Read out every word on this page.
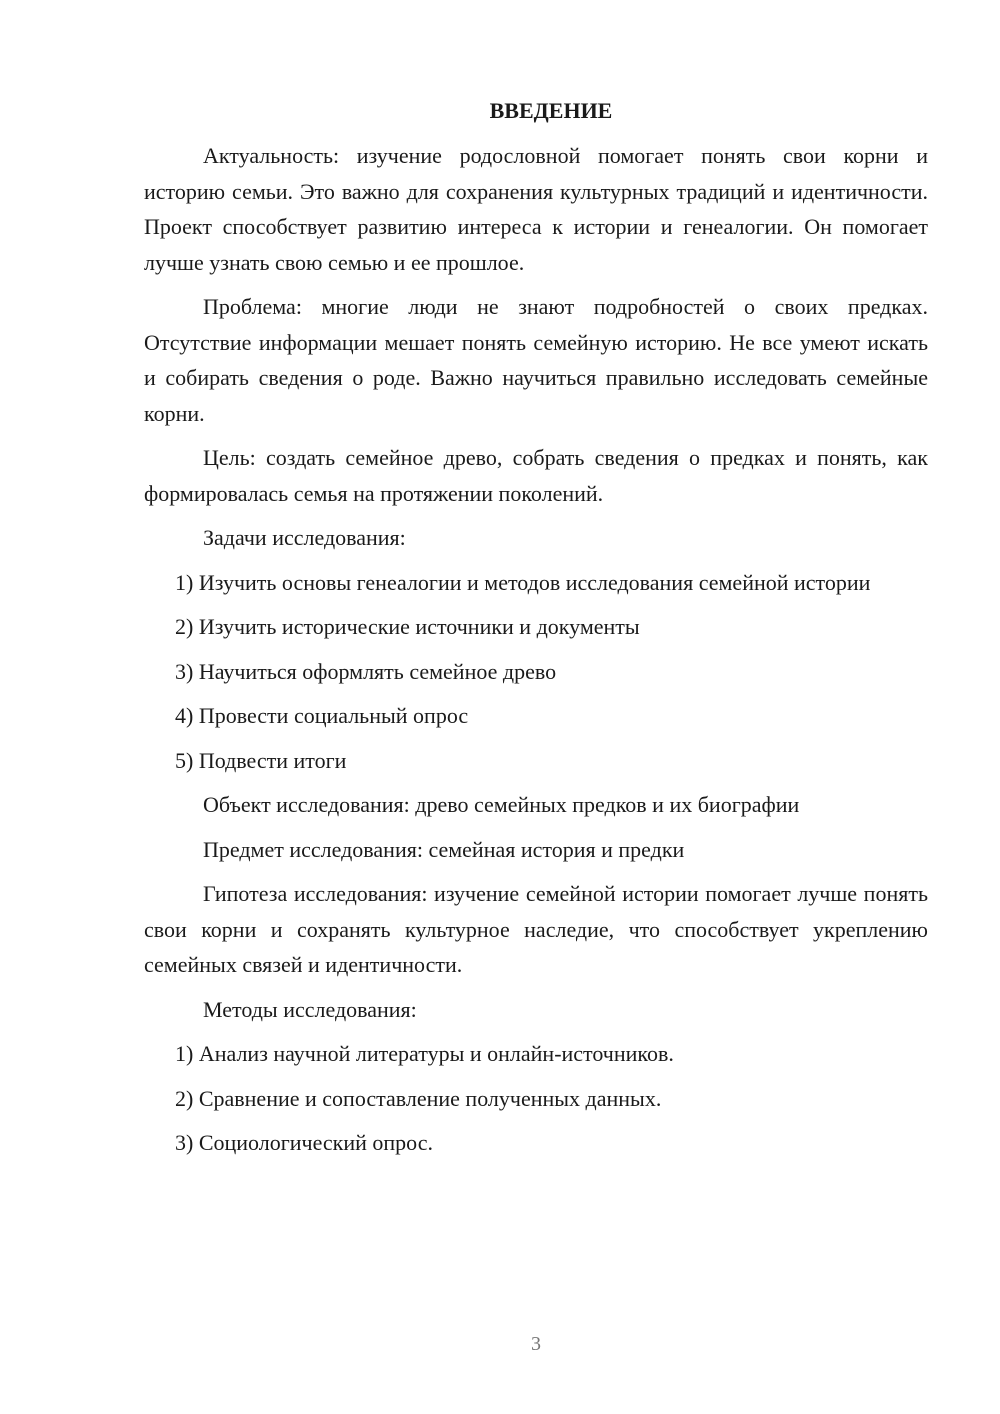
ВВЕДЕНИЕ

Актуальность: изучение родословной помогает понять свои корни и историю семьи. Это важно для сохранения культурных традиций и идентичности. Проект способствует развитию интереса к истории и генеалогии. Он помогает лучше узнать свою семью и ее прошлое.

Проблема: многие люди не знают подробностей о своих предках. Отсутствие информации мешает понять семейную историю. Не все умеют искать и собирать сведения о роде. Важно научиться правильно исследовать семейные корни.

Цель: создать семейное древо, собрать сведения о предках и понять, как формировалась семья на протяжении поколений.

Задачи исследования:

1) Изучить основы генеалогии и методов исследования семейной истории

2) Изучить исторические источники и документы

3) Научиться оформлять семейное древо

4) Провести социальный опрос

5) Подвести итоги

Объект исследования: древо семейных предков и их биографии

Предмет исследования: семейная история и предки

Гипотеза исследования: изучение семейной истории помогает лучше понять свои корни и сохранять культурное наследие, что способствует укреплению семейных связей и идентичности.

Методы исследования:

1) Анализ научной литературы и онлайн-источников.

2) Сравнение и сопоставление полученных данных.

3) Социологический опрос.

3
